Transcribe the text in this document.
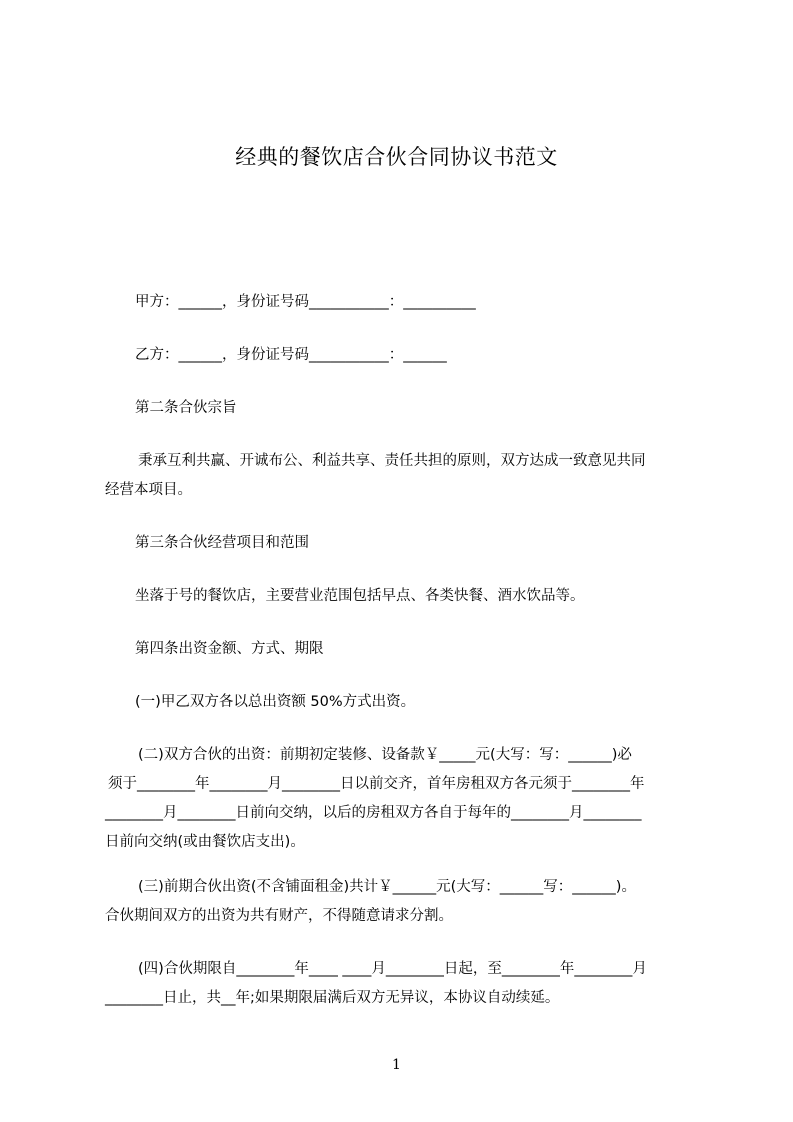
经典的餐饮店合伙合同协议书范文
甲方：______，身份证号码___________：__________
乙方：______，身份证号码___________：______
第二条合伙宗旨
秉承互利共赢、开诚布公、利益共享、责任共担的原则，双方达成一致意见共同
经营本项目。
第三条合伙经营项目和范围
坐落于号的餐饮店，主要营业范围包括早点、各类快餐、酒水饮品等。
第四条出资金额、方式、期限
(一)甲乙双方各以总出资额 50%方式出资。
(二)双方合伙的出资：前期初定装修、设备款￥_____元(大写：写：______)必
须于________年________月________日以前交齐，首年房租双方各元须于________年
________月________日前向交纳，以后的房租双方各自于每年的________月________
日前向交纳(或由餐饮店支出)。
(三)前期合伙出资(不含铺面租金)共计￥______元(大写：______写：______)。
合伙期间双方的出资为共有财产，不得随意请求分割。
(四)合伙期限自________年____ ____月________日起，至________年________月
________日止，共__年;如果期限届满后双方无异议，本协议自动续延。
1
